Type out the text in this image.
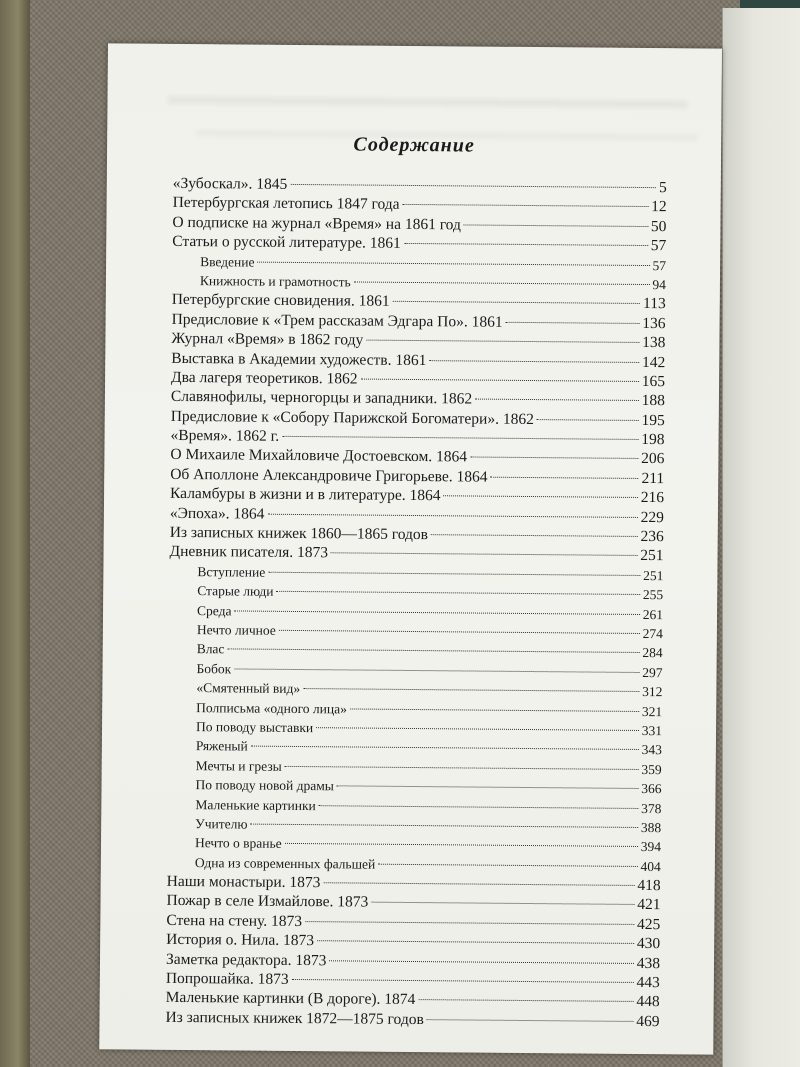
Содержание
«Зубоскал». 1845	5
Петербургская летопись 1847 года	12
О подписке на журнал «Время» на 1861 год	50
Статьи о русской литературе. 1861	57
Введение	57
Книжность и грамотность	94
Петербургские сновидения. 1861	113
Предисловие к «Трем рассказам Эдгара По». 1861	136
Журнал «Время» в 1862 году	138
Выставка в Академии художеств. 1861	142
Два лагеря теоретиков. 1862	165
Славянофилы, черногорцы и западники. 1862	188
Предисловие к «Собору Парижской Богоматери». 1862	195
«Время». 1862 г.	198
О Михаиле Михайловиче Достоевском. 1864	206
Об Аполлоне Александровиче Григорьеве. 1864	211
Каламбуры в жизни и в литературе. 1864	216
«Эпоха». 1864	229
Из записных книжек 1860—1865 годов	236
Дневник писателя. 1873	251
Вступление	251
Старые люди	255
Среда	261
Нечто личное	274
Влас	284
Бобок	297
«Смятенный вид»	312
Полписьма «одного лица»	321
По поводу выставки	331
Ряженый	343
Мечты и грезы	359
По поводу новой драмы	366
Маленькие картинки	378
Учителю	388
Нечто о вранье	394
Одна из современных фальшей	404
Наши монастыри. 1873	418
Пожар в селе Измайлове. 1873	421
Стена на стену. 1873	425
История о. Нила. 1873	430
Заметка редактора. 1873	438
Попрошайка. 1873	443
Маленькие картинки (В дороге). 1874	448
Из записных книжек 1872—1875 годов	469
